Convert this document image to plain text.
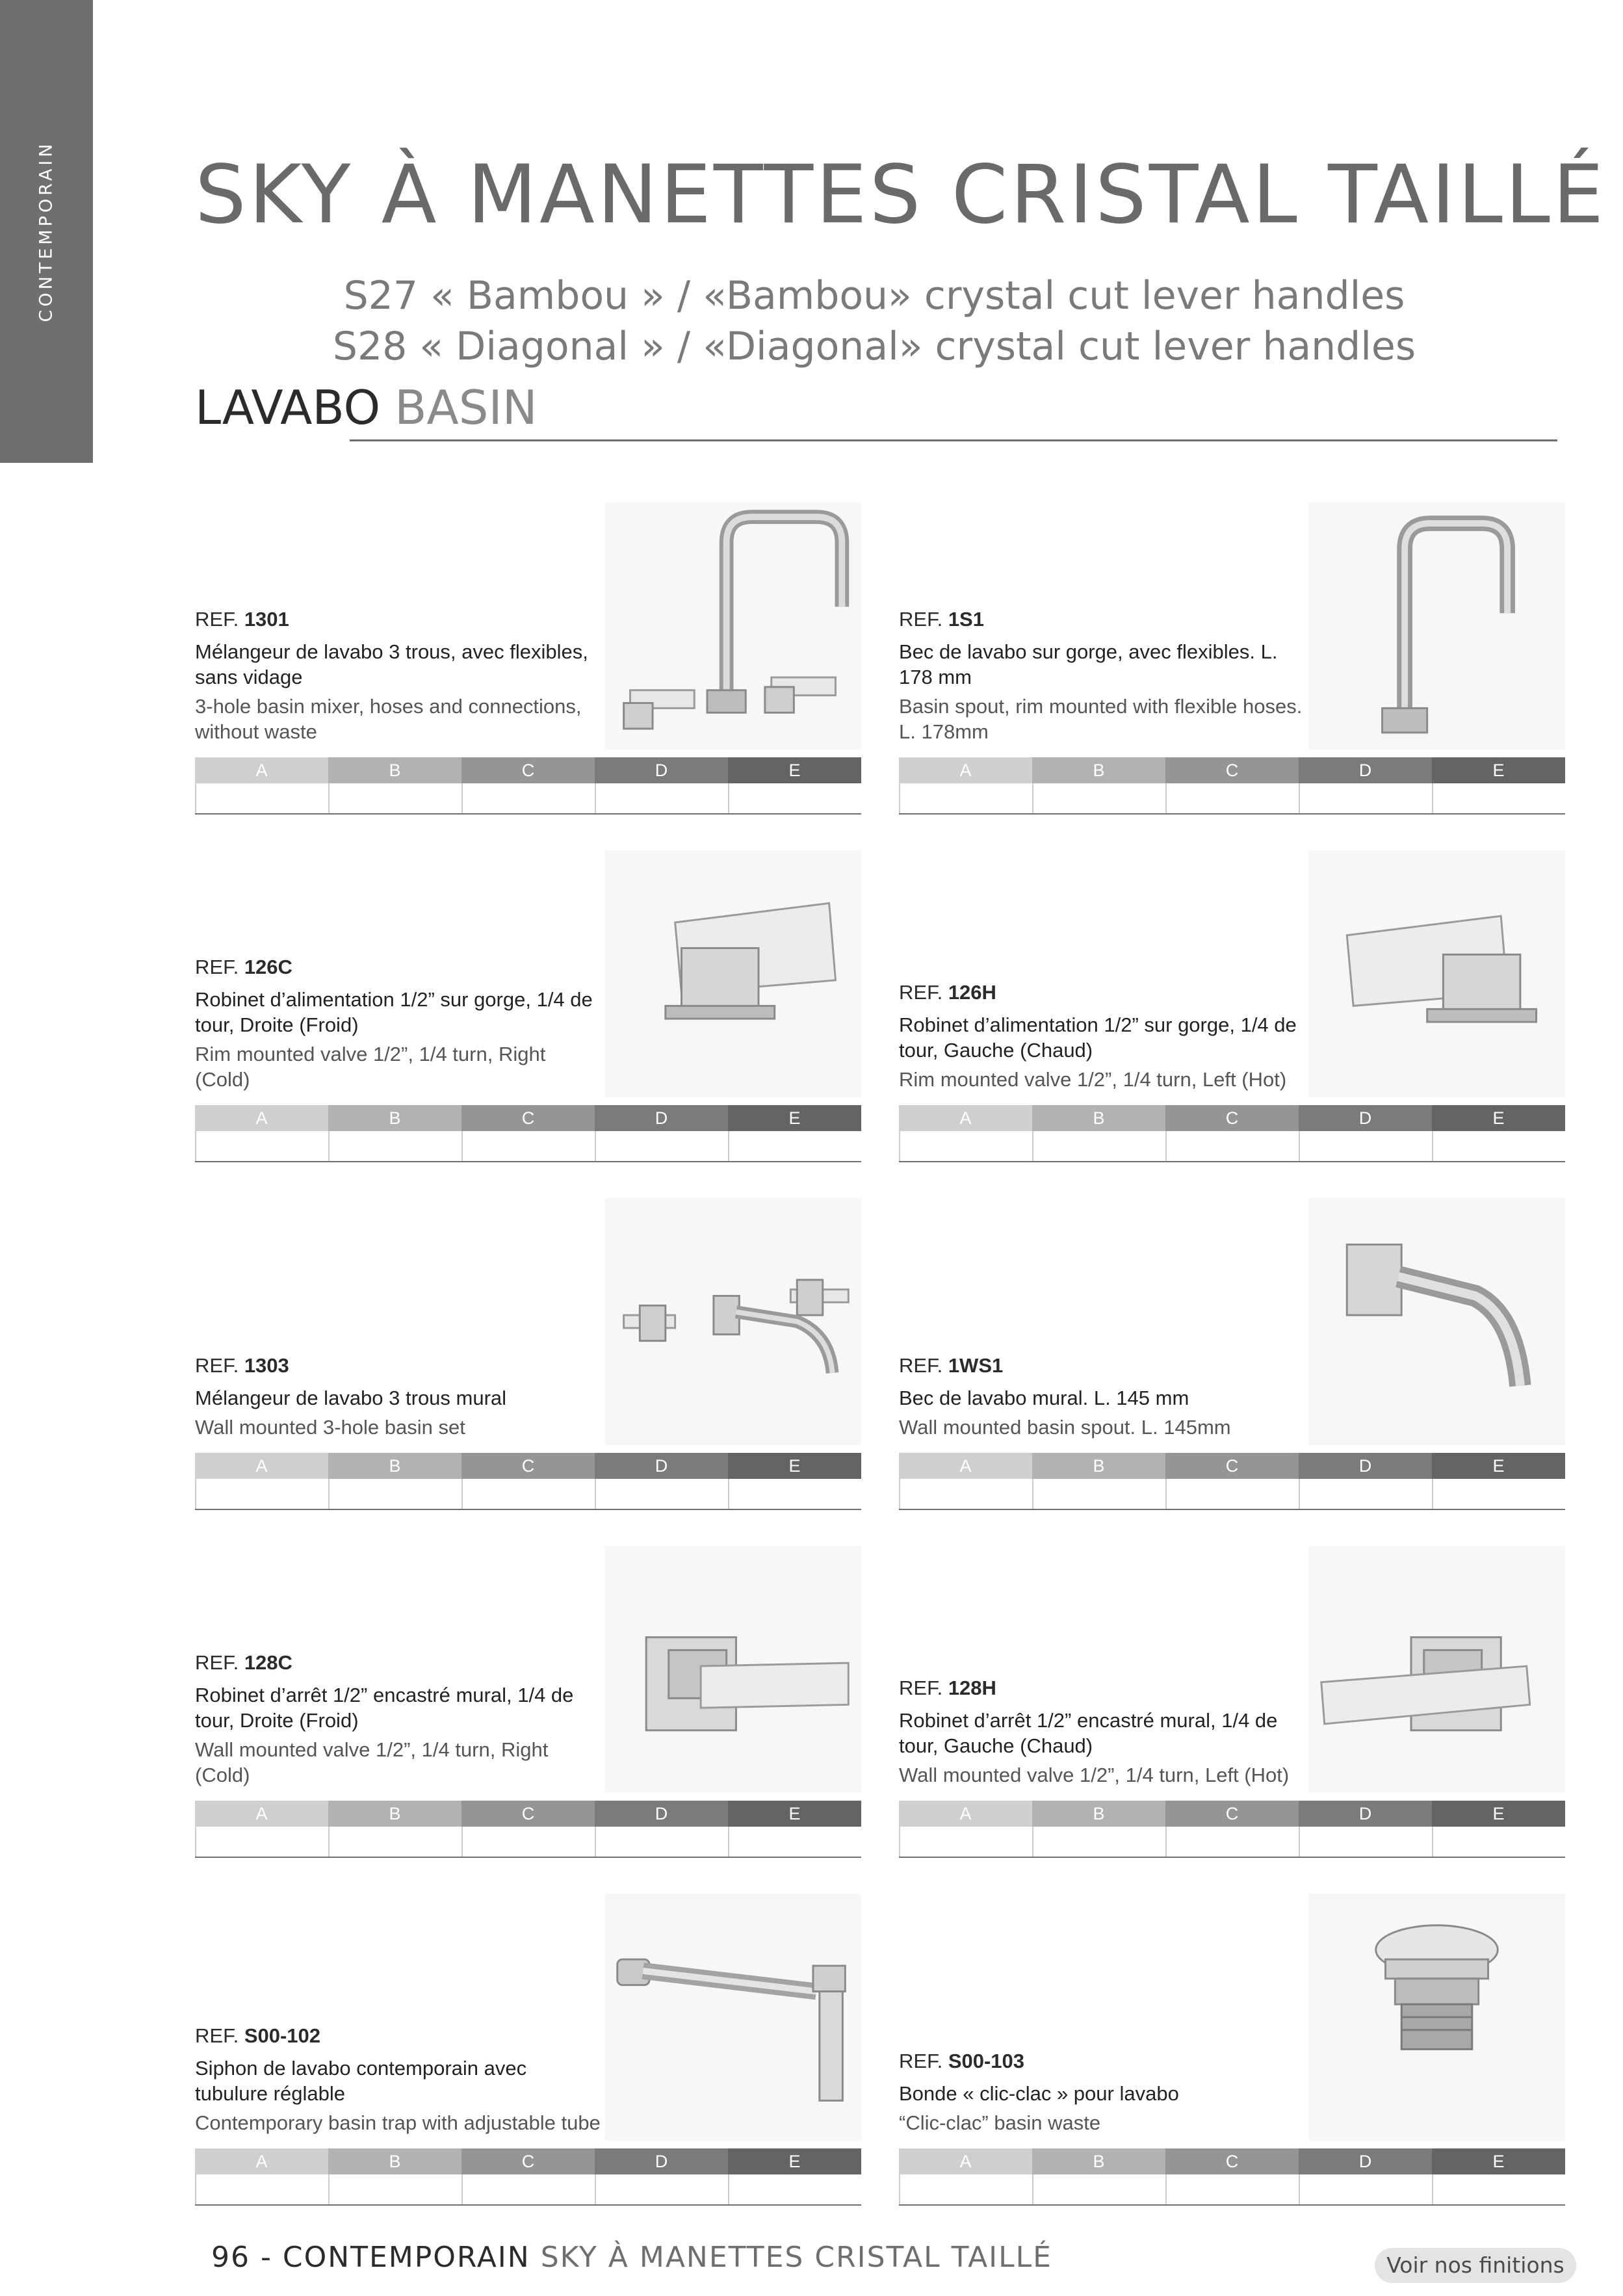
CONTEMPORAIN SKY À MANETTES CRISTAL TAILLÉ
S27 « Bambou » / «Bambou» crystal cut lever handles
S28 « Diagonal » / «Diagonal» crystal cut lever handles
LAVABO BASIN
REF. 1301
Mélangeur de lavabo 3 trous, avec flexibles, sans vidage
3-hole basin mixer, hoses and connections, without waste
A	B	C	D	E
REF. 1S1
Bec de lavabo sur gorge, avec flexibles. L. 178 mm
Basin spout, rim mounted with flexible hoses. L. 178mm
A	B	C	D	E
REF. 126C
Robinet d’alimentation 1/2” sur gorge, 1/4 de tour, Droite (Froid)
Rim mounted valve 1/2”, 1/4 turn, Right (Cold)
A	B	C	D	E
REF. 126H
Robinet d’alimentation 1/2” sur gorge, 1/4 de tour, Gauche (Chaud)
Rim mounted valve 1/2”, 1/4 turn, Left (Hot)
A	B	C	D	E
REF. 1303
Mélangeur de lavabo 3 trous mural
Wall mounted 3-hole basin set
A	B	C	D	E
REF. 1WS1
Bec de lavabo mural. L. 145 mm
Wall mounted basin spout. L. 145mm
A	B	C	D	E
REF. 128C
Robinet d’arrêt 1/2” encastré mural, 1/4 de tour, Droite (Froid)
Wall mounted valve 1/2”, 1/4 turn, Right (Cold)
A	B	C	D	E
REF. 128H
Robinet d’arrêt 1/2” encastré mural, 1/4 de tour, Gauche (Chaud)
Wall mounted valve 1/2”, 1/4 turn, Left (Hot)
A	B	C	D	E
REF. S00-102
Siphon de lavabo contemporain avec tubulure réglable
Contemporary basin trap with adjustable tube
A	B	C	D	E
REF. S00-103
Bonde « clic-clac » pour lavabo
“Clic-clac” basin waste
A	B	C	D	E
96 - CONTEMPORAIN SKY À MANETTES CRISTAL TAILLÉ	Voir nos finitions
